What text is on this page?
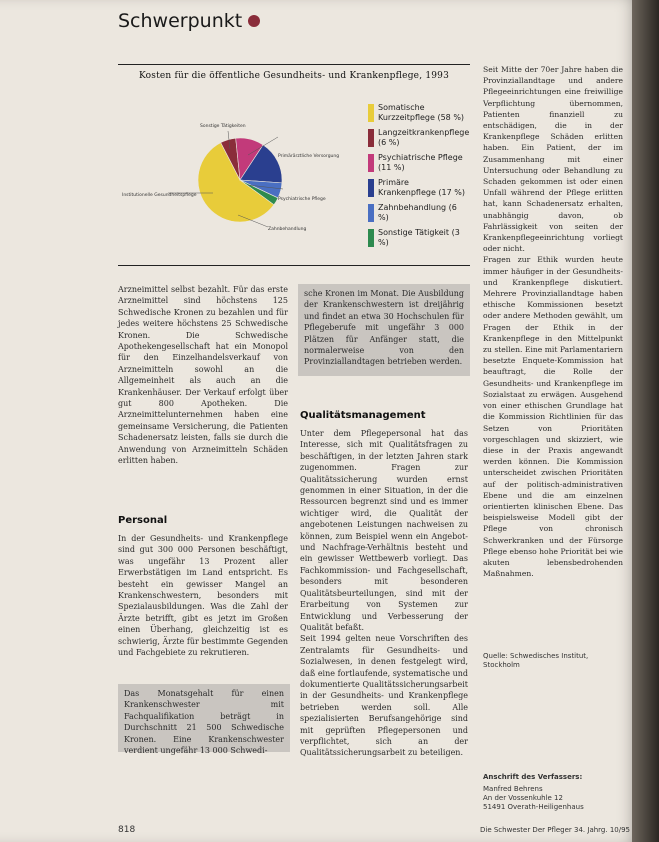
Schwerpunkt
Kosten für die öffentliche Gesundheits- und Krankenpflege, 1993
Sonstige Tätigkeiten
Primärärztliche Versorgung
Psychiatrische Pflege
Zahnbehandlung
Institutionelle Gesundheitspflege
Somatische Kurzzeitpflege (58 %)
Langzeitkrankenpflege (6 %)
Psychiatrische Pflege (11 %)
Primäre Krankenpflege (17 %)
Zahnbehandlung (6 %)
Sonstige Tätigkeit (3 %)

Arzneimittel selbst bezahlt. Für das erste Arzneimittel sind höchstens 125 Schwedische Kronen zu bezahlen und für jedes weitere höchstens 25 Schwedische Kronen. Die Schwedische Apothekengesellschaft hat ein Monopol für den Einzelhandelsverkauf von Arzneimitteln sowohl an die Allgemeinheit als auch an die Krankenhäuser. Der Verkauf erfolgt über gut 800 Apotheken. Die Arzneimittelunternehmen haben eine gemeinsame Versicherung, die Patienten Schadenersatz leisten, falls sie durch die Anwendung von Arzneimitteln Schäden erlitten haben.

Personal

In der Gesundheits- und Krankenpflege sind gut 300 000 Personen beschäftigt, was ungefähr 13 Prozent aller Erwerbstätigen im Land entspricht. Es besteht ein gewisser Mangel an Krankenschwestern, besonders mit Spezialausbildungen. Was die Zahl der Ärzte betrifft, gibt es jetzt im Großen einen Überhang, gleichzeitig ist es schwierig, Ärzte für bestimmte Gegenden und Fachgebiete zu rekrutieren.

Das Monatsgehalt für einen Krankenschwester mit Fachqualifikation beträgt in Durchschnitt 21 500 Schwedische Kronen. Eine Krankenschwester verdient ungefähr 13 000 Schwedi-
sche Kronen im Monat. Die Ausbildung der Krankenschwestern ist dreijährig und findet an etwa 30 Hochschulen für Pflegeberufe mit ungefähr 3 000 Plätzen für Anfänger statt, die normalerweise von den Provinziallandtagen betrieben werden.
Qualitätsmanagement

Unter dem Pflegepersonal hat das Interesse, sich mit Qualitätsfragen zu beschäftigen, in der letzten Jahren stark zugenommen. Fragen zur Qualitätssicherung wurden ernst genommen in einer Situation, in der die Ressourcen begrenzt sind und es immer wichtiger wird, die Qualität der angebotenen Leistungen nachweisen zu können, zum Beispiel wenn ein Angebot- und Nachfrage-Verhältnis besteht und ein gewisser Wettbewerb vorliegt. Das Fachkommission- und Fachgesellschaft, besonders mit besonderen Qualitätsbeurteilungen, sind mit der Erarbeitung von Systemen zur Entwicklung und Verbesserung der Qualität befaßt.

Seit 1994 gelten neue Vorschriften des Zentralamts für Gesundheits- und Sozialwesen, in denen festgelegt wird, daß eine fortlaufende, systematische und dokumentierte Qualitätssicherungsarbeit in der Gesundheits- und Krankenpflege betrieben werden soll. Alle spezialisierten Berufsangehörige sind mit geprüften Pflegepersonen und verpflichtet, sich an der Qualitätssicherungsarbeit zu beteiligen.

Seit Mitte der 70er Jahre haben die Provinziallandtage und andere Pflegeeinrichtungen eine freiwillige Verpflichtung übernommen, Patienten finanziell zu entschädigen, die in der Krankenpflege Schäden erlitten haben. Ein Patient, der im Zusammenhang mit einer Untersuchung oder Behandlung zu Schaden gekommen ist oder einen Unfall während der Pflege erlitten hat, kann Schadenersatz erhalten, unabhängig davon, ob Fahrlässigkeit von seiten der Krankenpflegeeinrichtung vorliegt oder nicht.

Fragen zur Ethik wurden heute immer häufiger in der Gesundheits- und Krankenpflege diskutiert. Mehrere Provinziallandtage haben ethische Kommissionen besetzt oder andere Methoden gewählt, um Fragen der Ethik in der Krankenpflege in den Mittelpunkt zu stellen. Eine mit Parlamentariern besetzte Enquete-Kommission hat beauftragt, die Rolle der Gesundheits- und Krankenpflege im Sozialstaat zu erwägen. Ausgehend von einer ethischen Grundlage hat die Kommission Richtlinien für das Setzen von Prioritäten vorgeschlagen und skizziert, wie diese in der Praxis angewandt werden können. Die Kommission unterscheidet zwischen Prioritäten auf der politisch-administrativen Ebene und die am einzelnen orientierten klinischen Ebene. Das beispielsweise Modell gibt der Pflege von chronisch Schwerkranken und der Fürsorge Pflege ebenso hohe Priorität bei wie akuten lebensbedrohenden Maßnahmen.

Quelle: Schwedisches Institut, Stockholm
Anschrift des Verfassers:
Manfred Behrens
An der Vossenkuhle 12
51491 Overath-Heiligenhaus
818	Die Schwester Der Pfleger 34. Jahrg. 10/95
